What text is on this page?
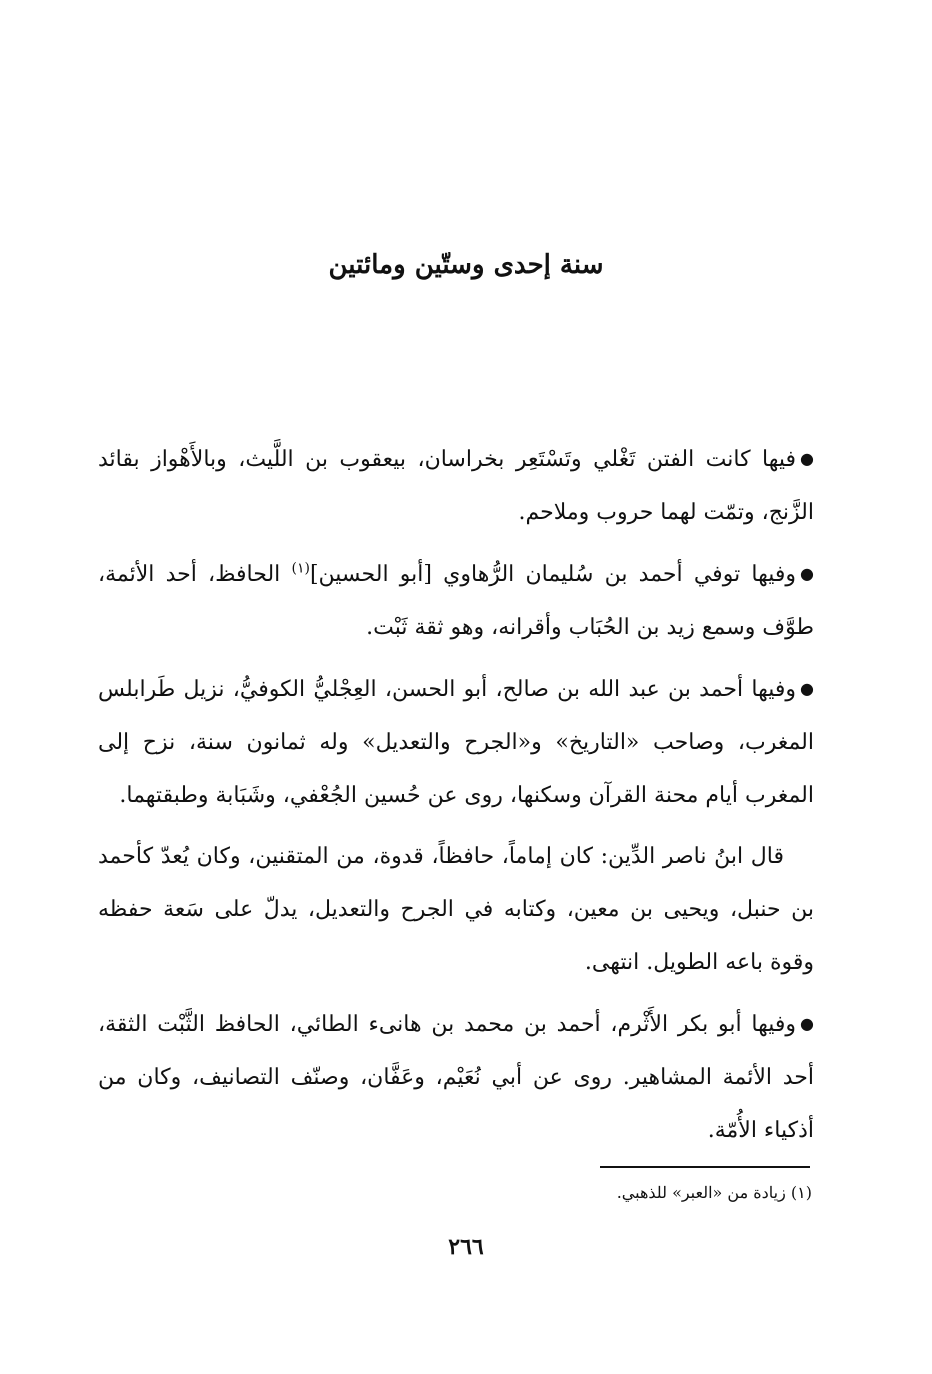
سنة إحدى وستّين ومائتين

●فيها كانت الفتن تَغْلي وتَسْتَعِر بخراسان، بيعقوب بن اللَّيث، وبالأَهْواز بقائد الزَّنج، وتمّت لهما حروب وملاحم.

●وفيها توفي أحمد بن سُليمان الرُّهاوي [أبو الحسين]$^{(١)}$ الحافظ، أحد الأئمة، طوَّف وسمع زيد بن الحُبَاب وأقرانه، وهو ثقة ثَبْت.

●وفيها أحمد بن عبد الله بن صالح، أبو الحسن، العِجْليُّ الكوفيُّ، نزيل طَرابلس المغرب، وصاحب «التاريخ» و«الجرح والتعديل» وله ثمانون سنة، نزح إلى المغرب أيام محنة القرآن وسكنها، روى عن حُسين الجُعْفي، وشَبَابة وطبقتهما.

قال ابنُ ناصر الدِّين: كان إماماً، حافظاً، قدوة، من المتقنين، وكان يُعدّ كأحمد بن حنبل، ويحيى بن معين، وكتابه في الجرح والتعديل، يدلّ على سَعة حفظه وقوة باعه الطويل. انتهى.

●وفيها أبو بكر الأَثْرم، أحمد بن محمد بن هانىء الطائي، الحافظ الثَّبْت الثقة، أحد الأئمة المشاهير. روى عن أبي نُعَيْم، وعَفَّان، وصنّف التصانيف، وكان من أذكياء الأُمّة.

(١) زيادة من «العبر» للذهبي.
٢٦٦
